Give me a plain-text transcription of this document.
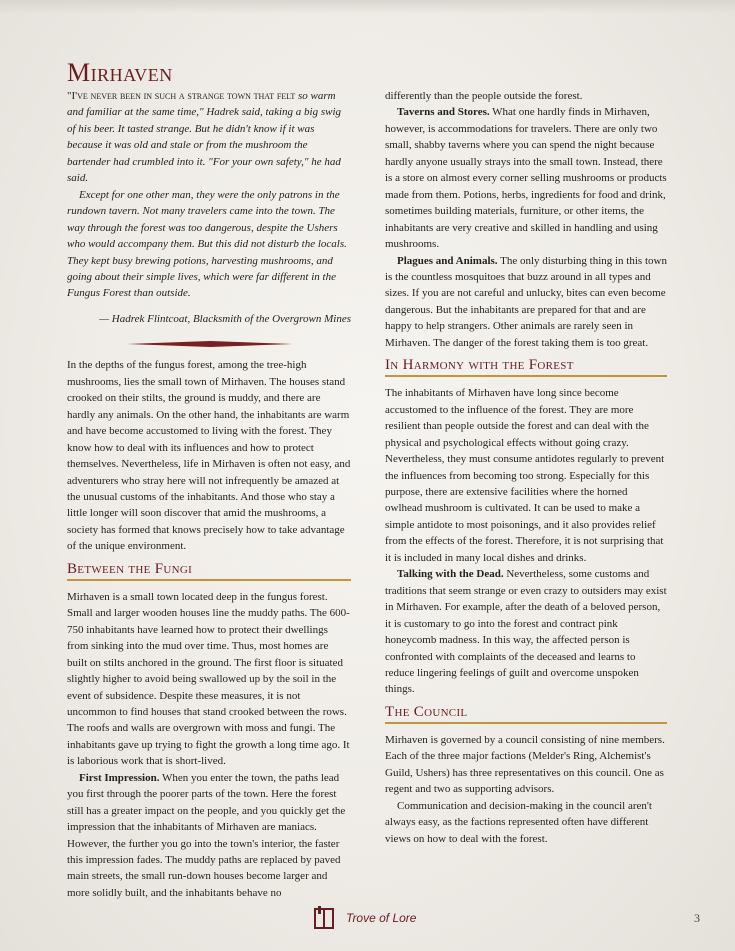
Mirhaven

"I've never been in such a strange town that felt so warm and familiar at the same time," Hadrek said, taking a big swig of his beer. It tasted strange. But he didn't know if it was because it was old and stale or from the mushroom the bartender had crumbled into it. "For your own safety," he had said.

Except for one other man, they were the only patrons in the rundown tavern. Not many travelers came into the town. The way through the forest was too dangerous, despite the Ushers who would accompany them. But this did not disturb the locals. They kept busy brewing potions, harvesting mushrooms, and going about their simple lives, which were far different in the Fungus Forest than outside.

— Hadrek Flintcoat, Blacksmith of the Overgrown Mines

In the depths of the fungus forest, among the tree-high mushrooms, lies the small town of Mirhaven. The houses stand crooked on their stilts, the ground is muddy, and there are hardly any animals. On the other hand, the inhabitants are warm and have become accustomed to living with the forest. They know how to deal with its influences and how to protect themselves. Nevertheless, life in Mirhaven is often not easy, and adventurers who stray here will not infrequently be amazed at the unusual customs of the inhabitants. And those who stay a little longer will soon discover that amid the mushrooms, a society has formed that knows precisely how to take advantage of the unique environment.

Between the Fungi

Mirhaven is a small town located deep in the fungus forest. Small and larger wooden houses line the muddy paths. The 600-750 inhabitants have learned how to protect their dwellings from sinking into the mud over time. Thus, most homes are built on stilts anchored in the ground. The first floor is situated slightly higher to avoid being swallowed up by the soil in the event of subsidence. Despite these measures, it is not uncommon to find houses that stand crooked between the rows. The roofs and walls are overgrown with moss and fungi. The inhabitants gave up trying to fight the growth a long time ago. It is laborious work that is short-lived.

First Impression. When you enter the town, the paths lead you first through the poorer parts of the town. Here the forest still has a greater impact on the people, and you quickly get the impression that the inhabitants of Mirhaven are maniacs. However, the further you go into the town's interior, the faster this impression fades. The muddy paths are replaced by paved main streets, the small run-down houses become larger and more solidly built, and the inhabitants behave no

differently than the people outside the forest.

Taverns and Stores. What one hardly finds in Mirhaven, however, is accommodations for travelers. There are only two small, shabby taverns where you can spend the night because hardly anyone usually strays into the small town. Instead, there is a store on almost every corner selling mushrooms or products made from them. Potions, herbs, ingredients for food and drink, sometimes building materials, furniture, or other items, the inhabitants are very creative and skilled in handling and using mushrooms.

Plagues and Animals. The only disturbing thing in this town is the countless mosquitoes that buzz around in all types and sizes. If you are not careful and unlucky, bites can even become dangerous. But the inhabitants are prepared for that and are happy to help strangers. Other animals are rarely seen in Mirhaven. The danger of the forest taking them is too great.

In Harmony with the Forest

The inhabitants of Mirhaven have long since become accustomed to the influence of the forest. They are more resilient than people outside the forest and can deal with the physical and psychological effects without going crazy. Nevertheless, they must consume antidotes regularly to prevent the influences from becoming too strong. Especially for this purpose, there are extensive facilities where the horned owlhead mushroom is cultivated. It can be used to make a simple antidote to most poisonings, and it also provides relief from the effects of the forest. Therefore, it is not surprising that it is included in many local dishes and drinks.

Talking with the Dead. Nevertheless, some customs and traditions that seem strange or even crazy to outsiders may exist in Mirhaven. For example, after the death of a beloved person, it is customary to go into the forest and contract pink honeycomb madness. In this way, the affected person is confronted with complaints of the deceased and learns to reduce lingering feelings of guilt and overcome unspoken things.

The Council

Mirhaven is governed by a council consisting of nine members. Each of the three major factions (Melder's Ring, Alchemist's Guild, Ushers) has three representatives on this council. One as regent and two as supporting advisors.

Communication and decision-making in the council aren't always easy, as the factions represented often have different views on how to deal with the forest.

Trove of Lore	3
